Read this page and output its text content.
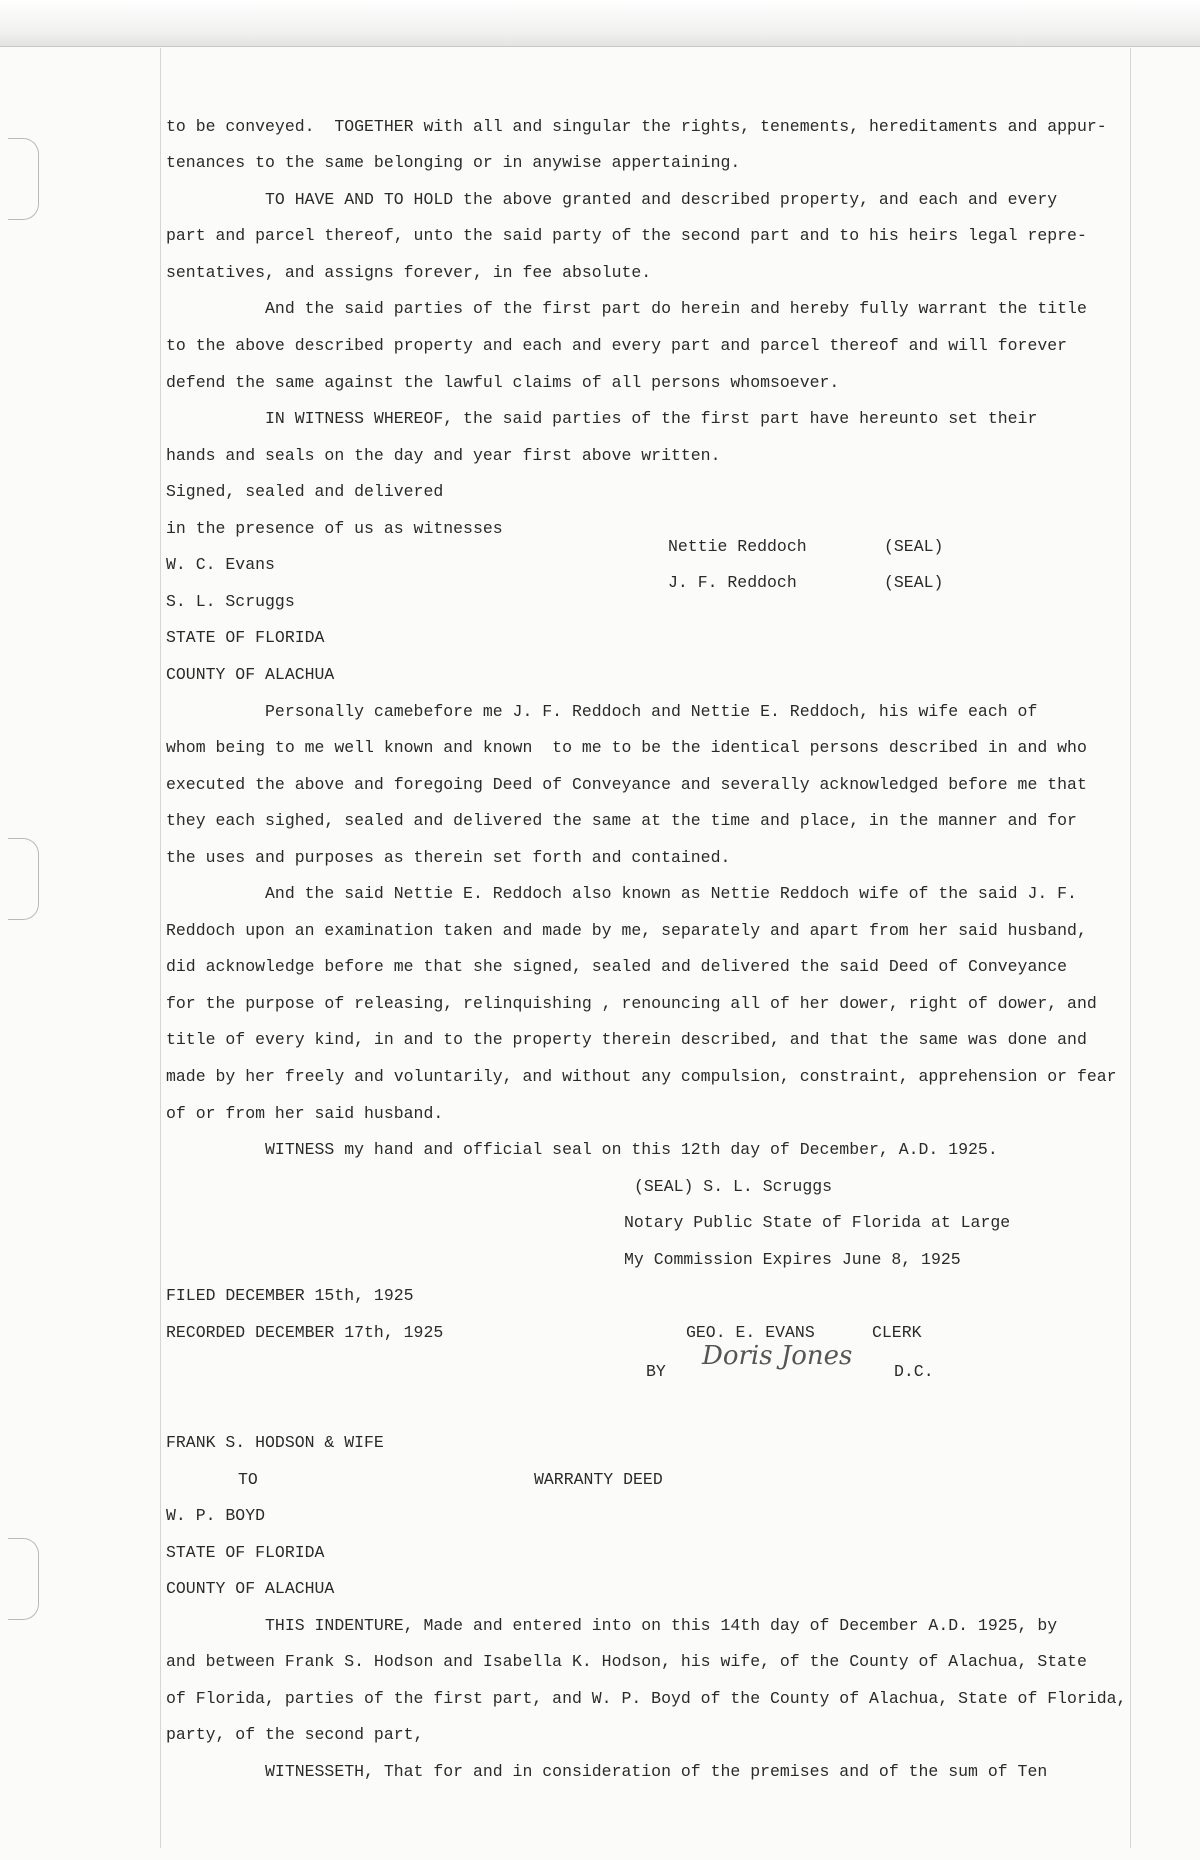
to be conveyed.  TOGETHER with all and singular the rights, tenements, hereditaments and appur-
tenances to the same belonging or in anywise appertaining.
TO HAVE AND TO HOLD the above granted and described property, and each and every
part and parcel thereof, unto the said party of the second part and to his heirs legal repre-
sentatives, and assigns forever, in fee absolute.
And the said parties of the first part do herein and hereby fully warrant the title
to the above described property and each and every part and parcel thereof and will forever
defend the same against the lawful claims of all persons whomsoever.
IN WITNESS WHEREOF, the said parties of the first part have hereunto set their
hands and seals on the day and year first above written.
Signed, sealed and delivered
in the presence of us as witnesses
W. C. Evans
S. L. Scruggs
STATE OF FLORIDA
COUNTY OF ALACHUA
Nettie Reddoch	(SEAL)
J. F. Reddoch	(SEAL)
Personally camebefore me J. F. Reddoch and Nettie E. Reddoch, his wife each of
whom being to me well known and known  to me to be the identical persons described in and who
executed the above and foregoing Deed of Conveyance and severally acknowledged before me that
they each sighed, sealed and delivered the same at the time and place, in the manner and for
the uses and purposes as therein set forth and contained.
And the said Nettie E. Reddoch also known as Nettie Reddoch wife of the said J. F.
Reddoch upon an examination taken and made by me, separately and apart from her said husband,
did acknowledge before me that she signed, sealed and delivered the said Deed of Conveyance
for the purpose of releasing, relinquishing , renouncing all of her dower, right of dower, and
title of every kind, in and to the property therein described, and that the same was done and
made by her freely and voluntarily, and without any compulsion, constraint, apprehension or fear
of or from her said husband.
WITNESS my hand and official seal on this 12th day of December, A.D. 1925.
(SEAL) S. L. Scruggs
Notary Public State of Florida at Large
My Commission Expires June 8, 1925
FILED DECEMBER 15th, 1925
RECORDED DECEMBER 17th, 1925	GEO. E. EVANS	CLERK
BY
Doris Jones
D.C.
FRANK S. HODSON & WIFE
TO	WARRANTY DEED
W. P. BOYD
STATE OF FLORIDA
COUNTY OF ALACHUA
THIS INDENTURE, Made and entered into on this 14th day of December A.D. 1925, by
and between Frank S. Hodson and Isabella K. Hodson, his wife, of the County of Alachua, State
of Florida, parties of the first part, and W. P. Boyd of the County of Alachua, State of Florida,
party, of the second part,
WITNESSETH, That for and in consideration of the premises and of the sum of Ten
